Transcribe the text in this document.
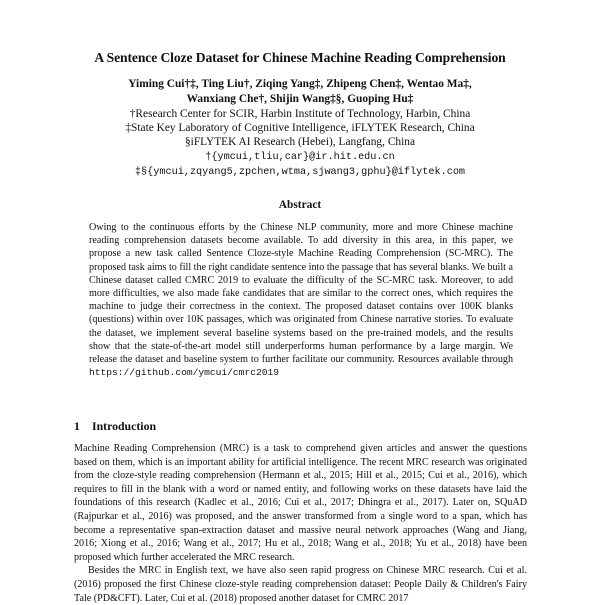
A Sentence Cloze Dataset for Chinese Machine Reading Comprehension
Yiming Cui†‡, Ting Liu†, Ziqing Yang‡, Zhipeng Chen‡, Wentao Ma‡,
Wanxiang Che†, Shijin Wang‡§, Guoping Hu‡
†Research Center for SCIR, Harbin Institute of Technology, Harbin, China
‡State Key Laboratory of Cognitive Intelligence, iFLYTEK Research, China
§iFLYTEK AI Research (Hebei), Langfang, China
†{ymcui,tliu,car}@ir.hit.edu.cn
‡§{ymcui,zqyang5,zpchen,wtma,sjwang3,gphu}@iflytek.com
Abstract
Owing to the continuous efforts by the Chinese NLP community, more and more Chinese machine reading comprehension datasets become available. To add diversity in this area, in this paper, we propose a new task called Sentence Cloze-style Machine Reading Comprehension (SC-MRC). The proposed task aims to fill the right candidate sentence into the passage that has several blanks. We built a Chinese dataset called CMRC 2019 to evaluate the difficulty of the SC-MRC task. Moreover, to add more difficulties, we also made fake candidates that are similar to the correct ones, which requires the machine to judge their correctness in the context. The proposed dataset contains over 100K blanks (questions) within over 10K passages, which was originated from Chinese narrative stories. To evaluate the dataset, we implement several baseline systems based on the pre-trained models, and the results show that the state-of-the-art model still underperforms human performance by a large margin. We release the dataset and baseline system to further facilitate our community. Resources available through https://github.com/ymcui/cmrc2019
1 Introduction

Machine Reading Comprehension (MRC) is a task to comprehend given articles and answer the questions based on them, which is an important ability for artificial intelligence. The recent MRC research was originated from the cloze-style reading comprehension (Hermann et al., 2015; Hill et al., 2015; Cui et al., 2016), which requires to fill in the blank with a word or named entity, and following works on these datasets have laid the foundations of this research (Kadlec et al., 2016; Cui et al., 2017; Dhingra et al., 2017). Later on, SQuAD (Rajpurkar et al., 2016) was proposed, and the answer transformed from a single word to a span, which has become a representative span-extraction dataset and massive neural network approaches (Wang and Jiang, 2016; Xiong et al., 2016; Wang et al., 2017; Hu et al., 2018; Wang et al., 2018; Yu et al., 2018) have been proposed which further accelerated the MRC research.

Besides the MRC in English text, we have also seen rapid progress on Chinese MRC research. Cui et al. (2016) proposed the first Chinese cloze-style reading comprehension dataset: People Daily & Children's Fairy Tale (PD&CFT). Later, Cui et al. (2018) proposed another dataset for CMRC 2017
